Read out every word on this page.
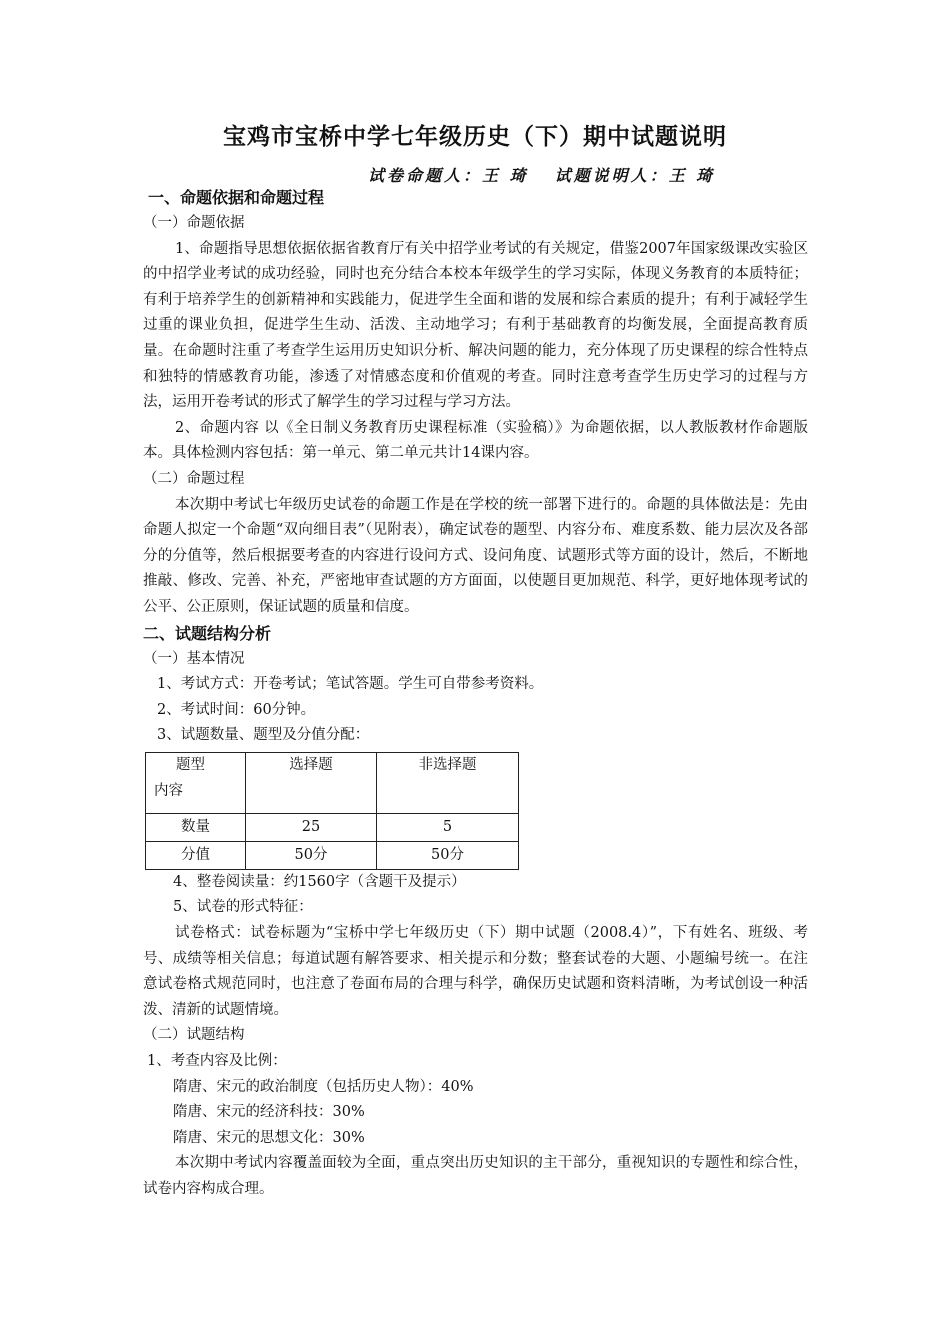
宝鸡市宝桥中学七年级历史（下）期中试题说明
试卷命题人：王 琦 试题说明人：王 琦

一、命题依据和命题过程

（一）命题依据

1、命题指导思想依据依据省教育厅有关中招学业考试的有关规定，借鉴2007年国家级课改实验区的中招学业考试的成功经验，同时也充分结合本校本年级学生的学习实际，体现义务教育的本质特征；有利于培养学生的创新精神和实践能力，促进学生全面和谐的发展和综合素质的提升；有利于减轻学生过重的课业负担，促进学生生动、活泼、主动地学习；有利于基础教育的均衡发展，全面提高教育质量。在命题时注重了考查学生运用历史知识分析、解决问题的能力，充分体现了历史课程的综合性特点和独特的情感教育功能，渗透了对情感态度和价值观的考查。同时注意考查学生历史学习的过程与方法，运用开卷考试的形式了解学生的学习过程与学习方法。

2、命题内容 以《全日制义务教育历史课程标准（实验稿）》为命题依据，以人教版教材作命题版本。具体检测内容包括：第一单元、第二单元共计14课内容。

（二）命题过程

本次期中考试七年级历史试卷的命题工作是在学校的统一部署下进行的。命题的具体做法是：先由命题人拟定一个命题“双向细目表”（见附表），确定试卷的题型、内容分布、难度系数、能力层次及各部分的分值等，然后根据要考查的内容进行设问方式、设问角度、试题形式等方面的设计，然后，不断地推敲、修改、完善、补充，严密地审查试题的方方面面，以使题目更加规范、科学，更好地体现考试的公平、公正原则，保证试题的质量和信度。

二、试题结构分析

（一）基本情况

1、考试方式：开卷考试；笔试答题。学生可自带参考资料。

2、考试时间：60分钟。

3、试题数量、题型及分值分配：

题型
内容	选择题	非选择题
数量	25	5
分值	50分	50分

4、整卷阅读量：约1560字（含题干及提示）

5、试卷的形式特征：

试卷格式：试卷标题为“宝桥中学七年级历史（下）期中试题（2008.4）”，下有姓名、班级、考号、成绩等相关信息；每道试题有解答要求、相关提示和分数；整套试卷的大题、小题编号统一。在注意试卷格式规范同时，也注意了卷面布局的合理与科学，确保历史试题和资料清晰，为考试创设一种活泼、清新的试题情境。

（二）试题结构

1、考查内容及比例：

隋唐、宋元的政治制度（包括历史人物）：40%

隋唐、宋元的经济科技：30%

隋唐、宋元的思想文化：30%

本次期中考试内容覆盖面较为全面，重点突出历史知识的主干部分，重视知识的专题性和综合性，试卷内容构成合理。
